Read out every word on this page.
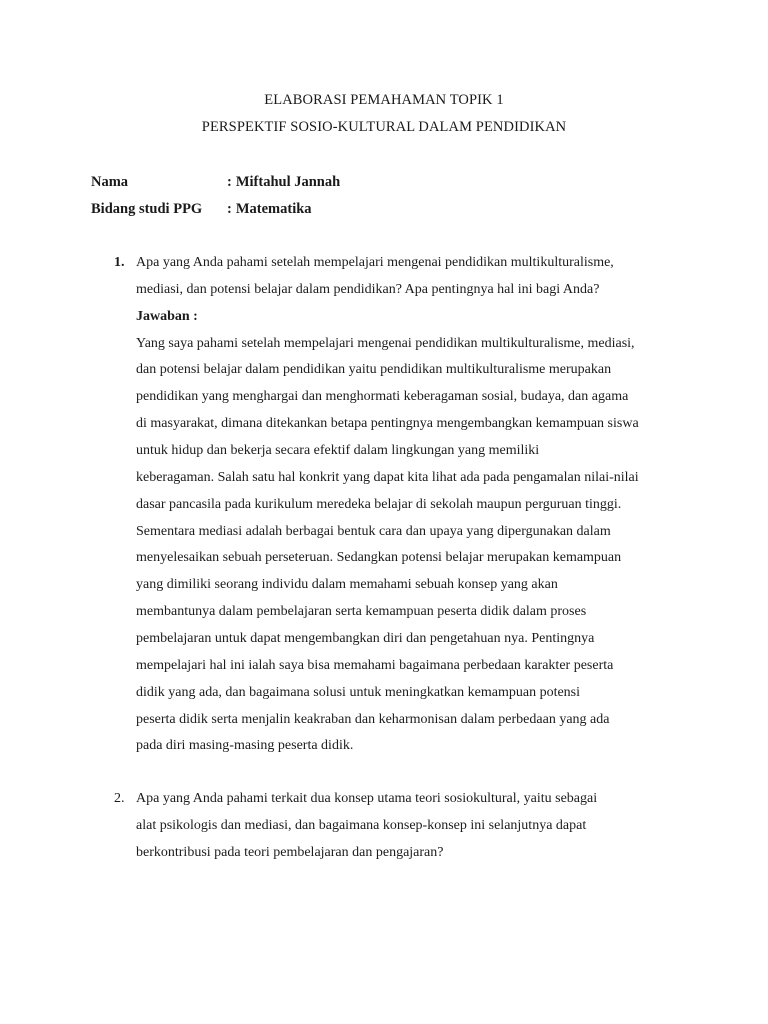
ELABORASI PEMAHAMAN TOPIK 1
PERSPEKTIF SOSIO-KULTURAL DALAM PENDIDIKAN
Nama	: Miftahul Jannah
Bidang studi PPG : Matematika
1. Apa yang Anda pahami setelah mempelajari mengenai pendidikan multikulturalisme,
mediasi, dan potensi belajar dalam pendidikan? Apa pentingnya hal ini bagi Anda?
Jawaban :
Yang saya pahami setelah mempelajari mengenai pendidikan multikulturalisme, mediasi,
dan potensi belajar dalam pendidikan yaitu pendidikan multikulturalisme merupakan
pendidikan yang menghargai dan menghormati keberagaman sosial, budaya, dan agama
di masyarakat, dimana ditekankan betapa pentingnya mengembangkan kemampuan siswa
untuk hidup dan bekerja secara efektif dalam lingkungan yang memiliki
keberagaman. Salah satu hal konkrit yang dapat kita lihat ada pada pengamalan nilai-nilai
dasar pancasila pada kurikulum meredeka belajar di sekolah maupun perguruan tinggi.
Sementara mediasi adalah berbagai bentuk cara dan upaya yang dipergunakan dalam
menyelesaikan sebuah perseteruan. Sedangkan potensi belajar merupakan kemampuan
yang dimiliki seorang individu dalam memahami sebuah konsep yang akan
membantunya dalam pembelajaran serta kemampuan peserta didik dalam proses
pembelajaran untuk dapat mengembangkan diri dan pengetahuan nya. Pentingnya
mempelajari hal ini ialah saya bisa memahami bagaimana perbedaan karakter peserta
didik yang ada, dan bagaimana solusi untuk meningkatkan kemampuan potensi
peserta didik serta menjalin keakraban dan keharmonisan dalam perbedaan yang ada
pada diri masing-masing peserta didik.
2. Apa yang Anda pahami terkait dua konsep utama teori sosiokultural, yaitu sebagai
alat psikologis dan mediasi, dan bagaimana konsep-konsep ini selanjutnya dapat
berkontribusi pada teori pembelajaran dan pengajaran?
